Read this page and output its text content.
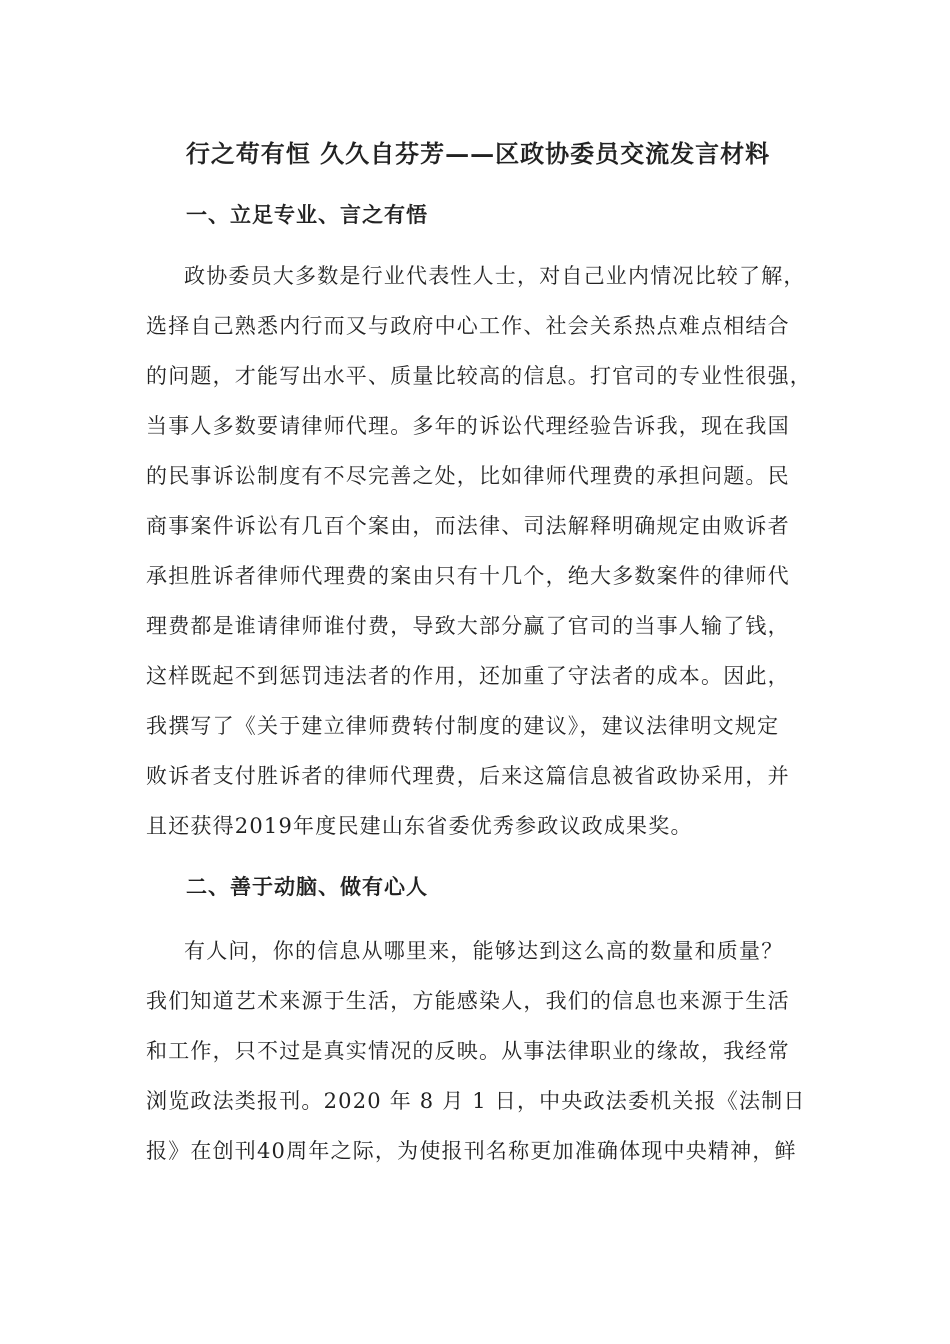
行之苟有恒 久久自芬芳——区政协委员交流发言材料
一、立足专业、言之有悟
政协委员大多数是行业代表性人士，对自己业内情况比较了解，
选择自己熟悉内行而又与政府中心工作、社会关系热点难点相结合
的问题，才能写出水平、质量比较高的信息。打官司的专业性很强，
当事人多数要请律师代理。多年的诉讼代理经验告诉我，现在我国
的民事诉讼制度有不尽完善之处，比如律师代理费的承担问题。民
商事案件诉讼有几百个案由，而法律、司法解释明确规定由败诉者
承担胜诉者律师代理费的案由只有十几个，绝大多数案件的律师代
理费都是谁请律师谁付费，导致大部分赢了官司的当事人输了钱，
这样既起不到惩罚违法者的作用，还加重了守法者的成本。因此，
我撰写了《关于建立律师费转付制度的建议》，建议法律明文规定
败诉者支付胜诉者的律师代理费，后来这篇信息被省政协采用，并
且还获得2019年度民建山东省委优秀参政议政成果奖。
二、善于动脑、做有心人
有人问，你的信息从哪里来，能够达到这么高的数量和质量？
我们知道艺术来源于生活，方能感染人，我们的信息也来源于生活
和工作，只不过是真实情况的反映。从事法律职业的缘故，我经常
浏览政法类报刊。2020 年 8 月 1 日，中央政法委机关报《法制日
报》在创刊40周年之际，为使报刊名称更加准确体现中央精神，鲜
